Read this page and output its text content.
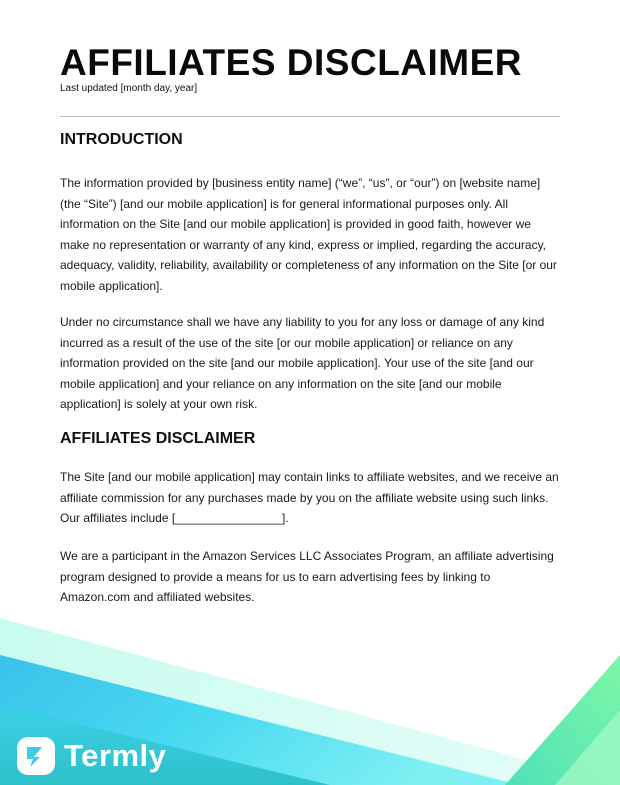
AFFILIATES DISCLAIMER
Last updated [month day, year]
INTRODUCTION

The information provided by [business entity name] (“we”, “us”, or “our”) on [website name] (the “Site”) [and our mobile application] is for general informational purposes only. All information on the Site [and our mobile application] is provided in good faith, however we make no representation or warranty of any kind, express or implied, regarding the accuracy, adequacy, validity, reliability, availability or completeness of any information on the Site [or our mobile application].

Under no circumstance shall we have any liability to you for any loss or damage of any kind incurred as a result of the use of the site [or our mobile application] or reliance on any information provided on the site [and our mobile application]. Your use of the site [and our mobile application] and your reliance on any information on the site [and our mobile application] is solely at your own risk.

AFFILIATES DISCLAIMER

The Site [and our mobile application] may contain links to affiliate websites, and we receive an affiliate commission for any purchases made by you on the affiliate website using such links. Our affiliates include [________________].

We are a participant in the Amazon Services LLC Associates Program, an affiliate advertising program designed to provide a means for us to earn advertising fees by linking to Amazon.com and affiliated websites.

Termly
